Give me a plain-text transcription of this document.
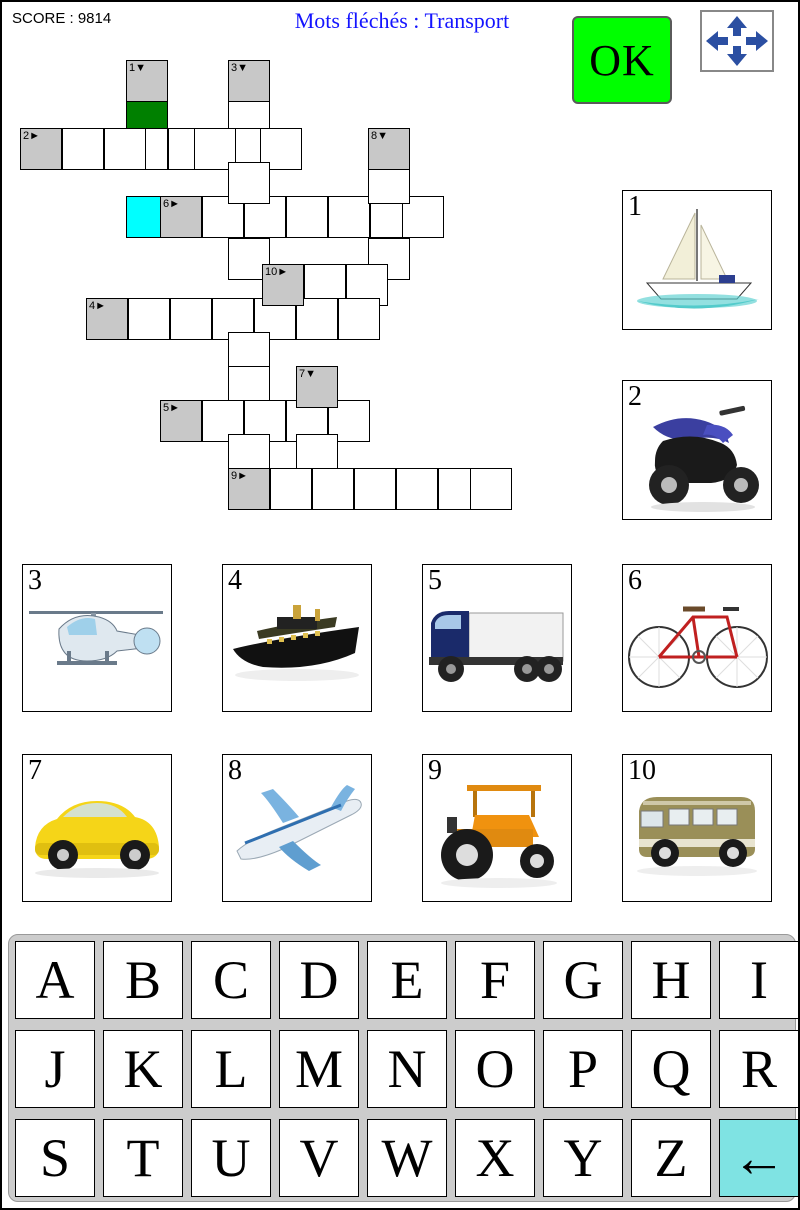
SCORE : 9814	Mots fléchés : Transport
OK
1▼	3▼
2►	8▼
6►
10►
4►
7▼
5►
9►
1
2
3	4	5	6
7	8	9	10
A B C D E	F G H	I
J	K L M N O P Q R
S	T U V W X Y Z ←
